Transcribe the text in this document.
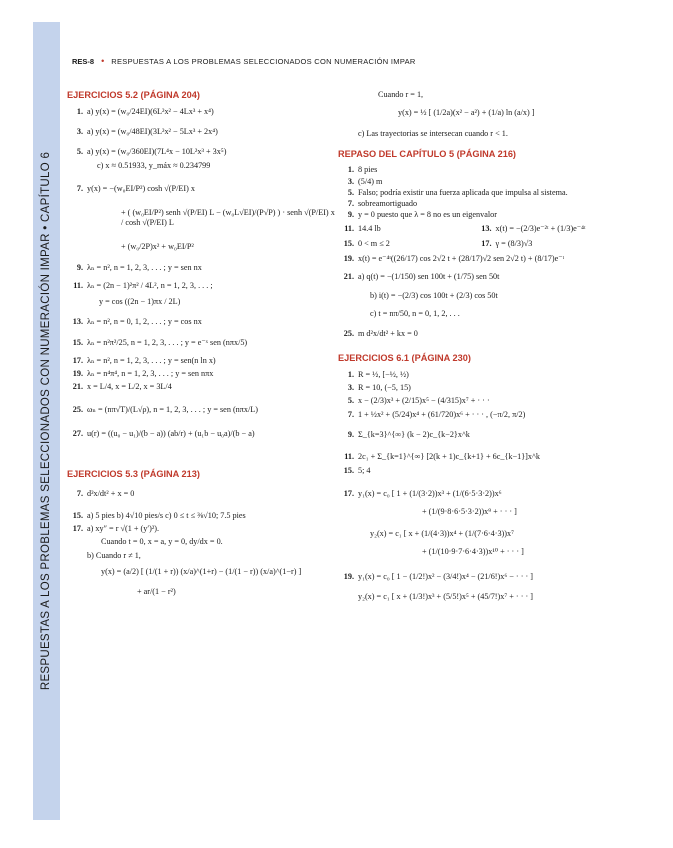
RESPUESTAS A LOS PROBLEMAS SELECCIONADOS CON NUMERACIÓN IMPAR • CAPÍTULO 6
RES-8 • RESPUESTAS A LOS PROBLEMAS SELECCIONADOS CON NUMERACIÓN IMPAR
EJERCICIOS 5.2 (PÁGINA 204)
1. a) y(x) = (w₀/24EI)(6L²x² − 4Lx³ + x⁴)
3. a) y(x) = (w₀/48EI)(3L²x² − 5Lx³ + 2x⁴)
5. a) y(x) = (w₀/360EI)(7L⁴x − 10L²x³ + 3x⁵)
c) x ≈ 0.51933, y_máx ≈ 0.234799
7. y(x) = −(w₀EI/P²) cosh √(P/EI) x
+ ( (w₀EI/P²) senh √(P/EI) L − (w₀L√EI)/(P√P) ) · senh √(P/EI) x / cosh √(P/EI) L
+ (w₀/2P)x² + w₀EI/P²
9. λₙ = n², n = 1, 2, 3, . . . ; y = sen nx
11. λₙ = (2n − 1)²π² / 4L², n = 1, 2, 3, . . . ;
y = cos ((2n − 1)πx / 2L)
13. λₙ = n², n = 0, 1, 2, . . . ; y = cos nx
15. λₙ = n²π²/25, n = 1, 2, 3, . . . ; y = e⁻ˣ sen (nπx/5)
17. λₙ = n², n = 1, 2, 3, . . . ; y = sen(n ln x)
19. λₙ = n⁴π⁴, n = 1, 2, 3, . . . ; y = sen nπx
21. x = L/4, x = L/2, x = 3L/4
25. ωₙ = (nπ√T)/(L√ρ), n = 1, 2, 3, . . . ; y = sen (nπx/L)
27. u(r) = ((u₀ − u₁)/(b − a)) (ab/r) + (u₁b − u₀a)/(b − a)
EJERCICIOS 5.3 (PÁGINA 213)
7. d²x/dt² + x = 0
15. a) 5 pies b) 4√10 pies/s c) 0 ≤ t ≤ ⅜√10; 7.5 pies
17. a) xy″ = r √(1 + (y′)²).
Cuando t = 0, x = a, y = 0, dy/dx = 0.
b) Cuando r ≠ 1,
y(x) = (a/2) [ (1/(1 + r)) (x/a)^(1+r) − (1/(1 − r)) (x/a)^(1−r) ]
+ ar/(1 − r²)
Cuando r = 1,
y(x) = ½ [ (1/2a)(x² − a²) + (1/a) ln (a/x) ]
c) Las trayectorias se intersecan cuando r < 1.
REPASO DEL CAPÍTULO 5 (PÁGINA 216)
1. 8 pies
3. (5/4) m
5. Falso; podría existir una fuerza aplicada que impulsa al sistema.
7. sobreamortiguado
9. y = 0 puesto que λ = 8 no es un eigenvalor
11. 14.4 lb	13. x(t) = −(2/3)e⁻²ᵗ + (1/3)e⁻⁴ᵗ
15. 0 < m ≤ 2	17. γ = (8/3)√3
19. x(t) = e⁻⁴ᵗ((26/17) cos 2√2 t + (28/17)√2 sen 2√2 t) + (8/17)e⁻ᵗ
21. a) q(t) = −(1/150) sen 100t + (1/75) sen 50t
b) i(t) = −(2/3) cos 100t + (2/3) cos 50t
c) t = nπ/50, n = 0, 1, 2, . . .
25. m d²x/dt² + kx = 0
EJERCICIOS 6.1 (PÁGINA 230)
1. R = ½, [−½, ½)
3. R = 10, (−5, 15)
5. x − (2/3)x³ + (2/15)x⁵ − (4/315)x⁷ + · · ·
7. 1 + ½x² + (5/24)x⁴ + (61/720)x⁶ + · · · , (−π/2, π/2)
9. Σ_{k=3}^{∞} (k − 2)c_{k−2}x^k
11. 2c₁ + Σ_{k=1}^{∞} [2(k + 1)c_{k+1} + 6c_{k−1}]x^k
15. 5; 4
17. y₁(x) = c₀ [ 1 + (1/(3·2))x³ + (1/(6·5·3·2))x⁶
+ (1/(9·8·6·5·3·2))x⁹ + · · · ]
y₂(x) = c₁ [ x + (1/(4·3))x⁴ + (1/(7·6·4·3))x⁷
+ (1/(10·9·7·6·4·3))x¹⁰ + · · · ]
19. y₁(x) = c₀ [ 1 − (1/2!)x² − (3/4!)x⁴ − (21/6!)x⁶ − · · · ]
y₂(x) = c₁ [ x + (1/3!)x³ + (5/5!)x⁵ + (45/7!)x⁷ + · · · ]
